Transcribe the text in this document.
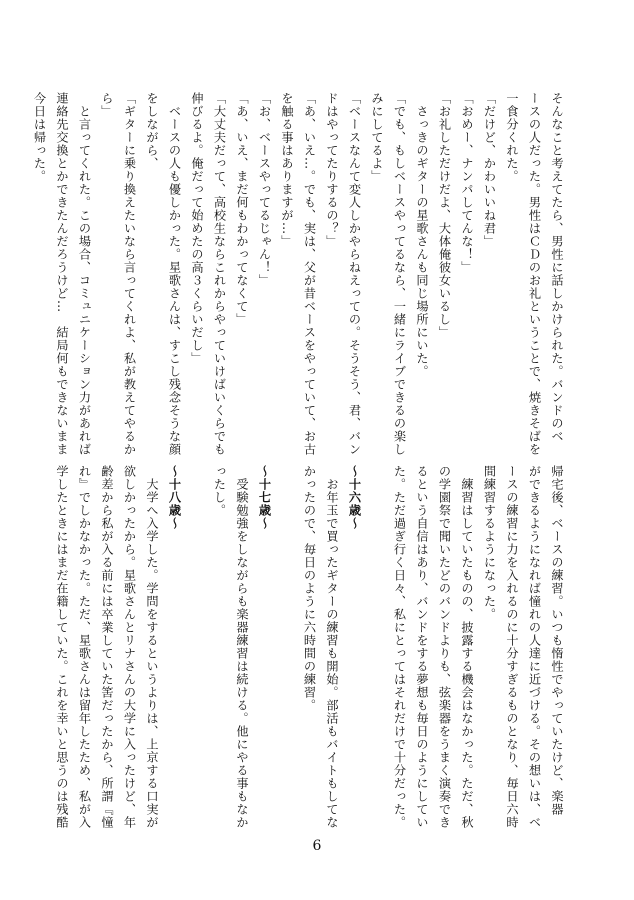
そんなこと考えてたら、男性に話しかけられた。バンドのベ
ースの人だった。男性はＣＤのお礼ということで、焼きそばを
一食分くれた。
「だけど、かわいいね君」
「おめー、ナンパしてんな！」
「お礼しただけだよ、大体俺彼女いるし」
　さっきのギターの星歌さんも同じ場所にいた。
「でも、もしベースやってるなら、一緒にライブできるの楽し
みにしてるよ」
「ベースなんて変人しかやらねえっての。そうそう、君、バン
ドはやってたりするの？」
「あ、いえ…。でも、実は、父が昔ベースをやっていて、お古
を触る事はありますが…」
「お、ベースやってるじゃん！」
「あ、いえ、まだ何もわかってなくて」
「大丈夫だって、高校生ならこれからやっていけばいくらでも
伸びるよ。俺だって始めたの高３くらいだし」
　ベースの人も優しかった。星歌さんは、すこし残念そうな顔
をしながら、
「ギターに乗り換えたいなら言ってくれよ、私が教えてやるか
ら」
　と言ってくれた。この場合、コミュニケーション力があれば
連絡先交換とかできたんだろうけど…　結局何もできないまま
今日は帰った。
帰宅後、ベースの練習。いつも惰性でやっていたけど、楽器
ができるようになれば憧れの人達に近づける。その想いは、ベ
ースの練習に力を入れるのに十分すぎるものとなり、毎日六時
間練習するようになった。
　練習はしていたものの、披露する機会はなかった。ただ、秋
の学園祭で聞いたどのバンドよりも、弦楽器をうまく演奏でき
るという自信はあり、バンドをする夢想も毎日のようにしてい
た。ただ過ぎ行く日々、私にとってはそれだけで十分だった。

～十六歳～
　お年玉で買ったギターの練習も開始。部活もバイトもしてな
かったので、毎日のように六時間の練習。

～十七歳～
　受験勉強をしながらも楽器練習は続ける。他にやる事もなか
ったし。

～十八歳～
　大学へ入学した。学問をするというよりは、上京する口実が
欲しかったから。星歌さんとリナさんの大学に入ったけど、年
齢差から私が入る前には卒業していた筈だったから、所謂『憧
れ』でしかなかった。ただ、星歌さんは留年したため、私が入
学したときにはまだ在籍していた。これを幸いと思うのは残酷
6
